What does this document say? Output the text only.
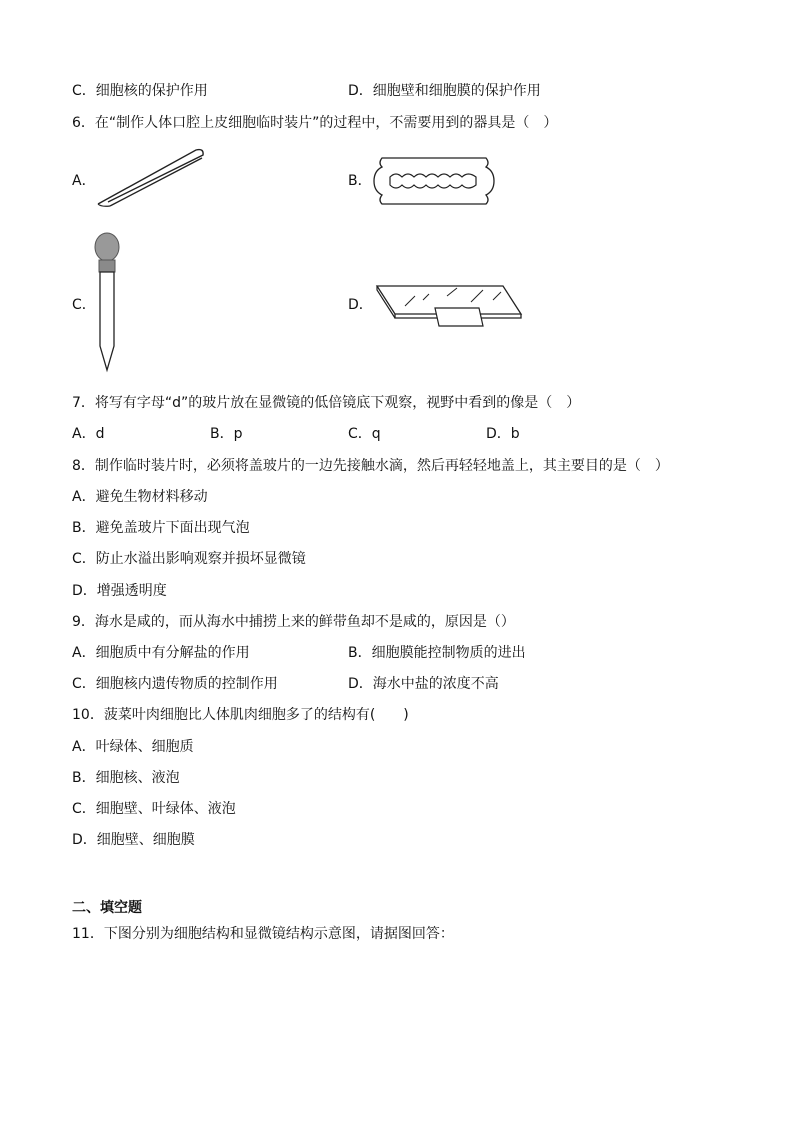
C．细胞核的保护作用	D．细胞壁和细胞膜的保护作用
6．在“制作人体口腔上皮细胞临时装片”的过程中，不需要用到的器具是（　）
A．	B．
C．	D．
7．将写有字母“d”的玻片放在显微镜的低倍镜底下观察，视野中看到的像是（　）
A．d	B．p	C．q	D．b
8．制作临时装片时，必须将盖玻片的一边先接触水滴，然后再轻轻地盖上，其主要目的是（　）
A．避免生物材料移动
B．避免盖玻片下面出现气泡
C．防止水溢出影响观察并损坏显微镜
D．增强透明度
9．海水是咸的，而从海水中捕捞上来的鲜带鱼却不是咸的，原因是（）
A．细胞质中有分解盐的作用	B．细胞膜能控制物质的进出
C．细胞核内遗传物质的控制作用	D．海水中盐的浓度不高
10．菠菜叶肉细胞比人体肌肉细胞多了的结构有(　　)
A．叶绿体、细胞质
B．细胞核、液泡
C．细胞壁、叶绿体、液泡
D．细胞壁、细胞膜
二、填空题
11．下图分别为细胞结构和显微镜结构示意图，请据图回答：
